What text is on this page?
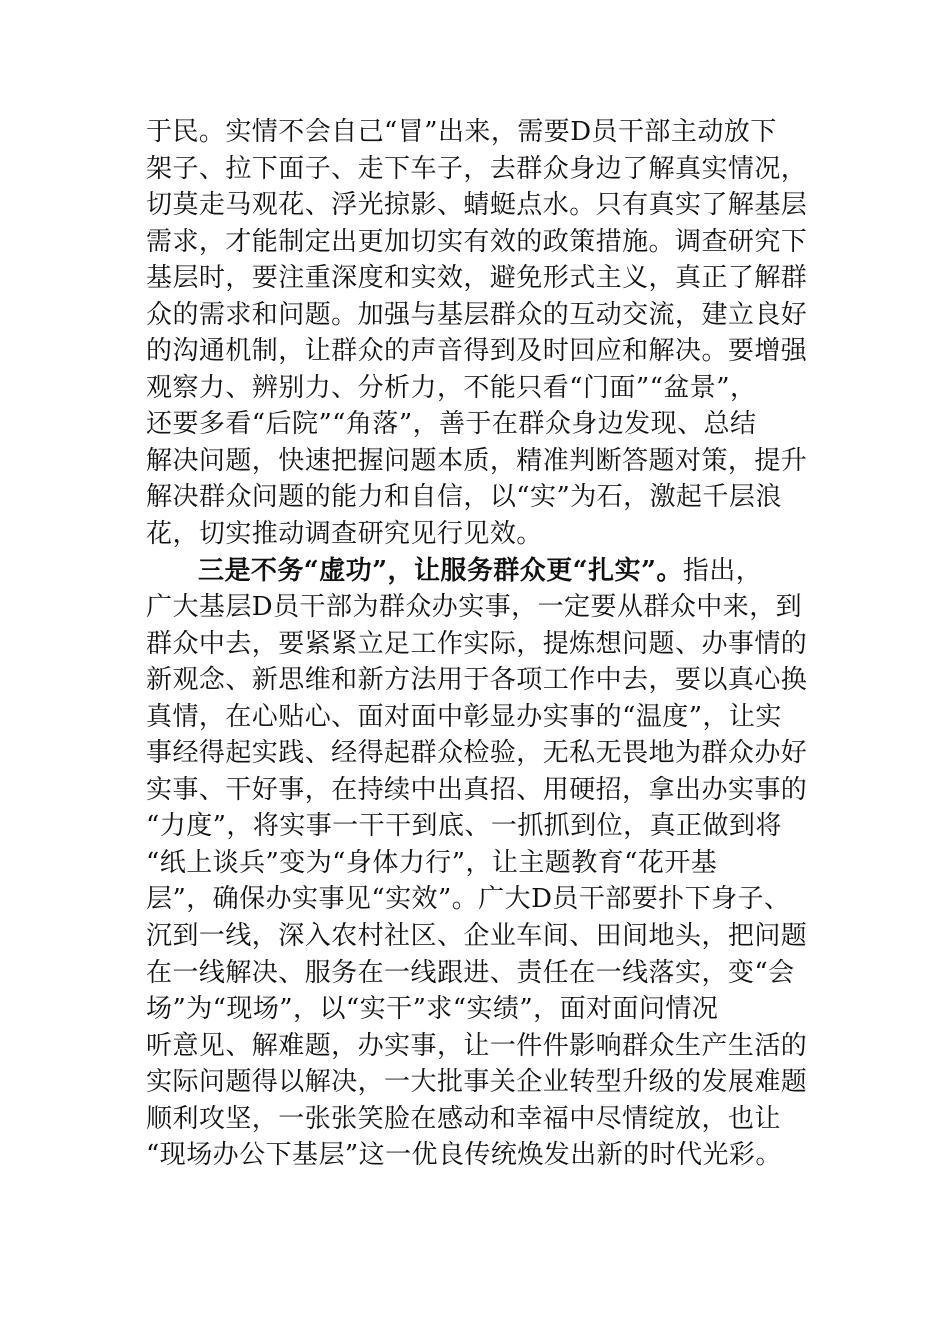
于民。实情不会自己“冒”出来，需要D员干部主动放下
架子、拉下面子、走下车子，去群众身边了解真实情况，
切莫走马观花、浮光掠影、蜻蜓点水。只有真实了解基层
需求，才能制定出更加切实有效的政策措施。调查研究下
基层时，要注重深度和实效，避免形式主义，真正了解群
众的需求和问题。加强与基层群众的互动交流，建立良好
的沟通机制，让群众的声音得到及时回应和解决。要增强
观察力、辨别力、分析力，不能只看“门面”“盆景”，
还要多看“后院”“角落”，善于在群众身边发现、总结
解决问题，快速把握问题本质，精准判断答题对策，提升
解决群众问题的能力和自信，以“实”为石，激起千层浪
花，切实推动调查研究见行见效。
三是不务“虚功”，让服务群众更“扎实”。指出，
广大基层D员干部为群众办实事，一定要从群众中来，到
群众中去，要紧紧立足工作实际，提炼想问题、办事情的
新观念、新思维和新方法用于各项工作中去，要以真心换
真情，在心贴心、面对面中彰显办实事的“温度”，让实
事经得起实践、经得起群众检验，无私无畏地为群众办好
实事、干好事，在持续中出真招、用硬招，拿出办实事的
“力度”，将实事一干干到底、一抓抓到位，真正做到将
“纸上谈兵”变为“身体力行”，让主题教育“花开基
层”，确保办实事见“实效”。广大D员干部要扑下身子、
沉到一线，深入农村社区、企业车间、田间地头，把问题
在一线解决、服务在一线跟进、责任在一线落实，变“会
场”为“现场”，以“实干”求“实绩”，面对面问情况
听意见、解难题，办实事，让一件件影响群众生产生活的
实际问题得以解决，一大批事关企业转型升级的发展难题
顺利攻坚，一张张笑脸在感动和幸福中尽情绽放，也让
“现场办公下基层”这一优良传统焕发出新的时代光彩。
